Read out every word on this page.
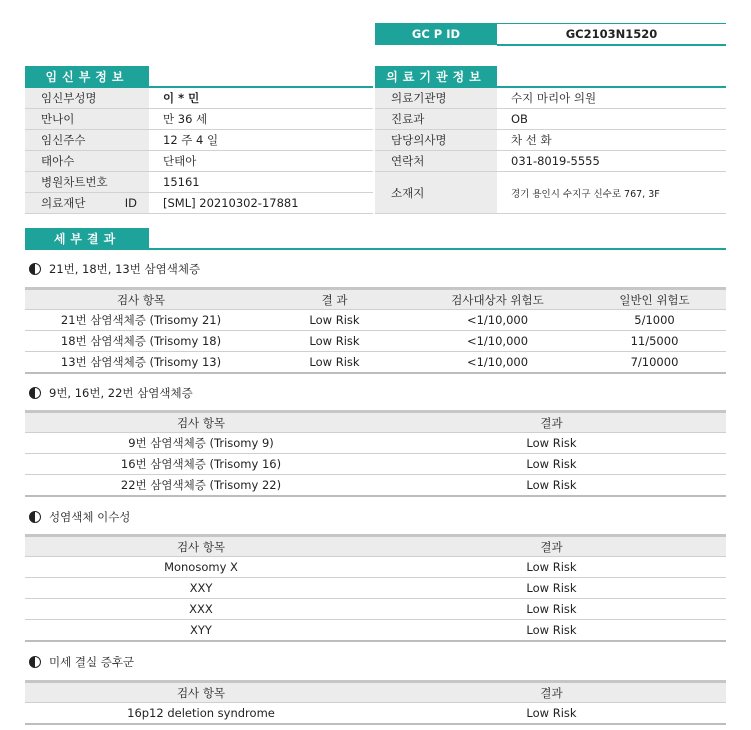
GC P ID	GC2103N1520
임신부정보
임신부성명	이 * 민
만나이	만 36 세
임신주수	12 주 4 일
태아수	단태아
병원차트번호	15161
의료재단 ID	[SML] 20210302-17881
의료기관정보
의료기관명	수지 마리아 의원
진료과	OB
담당의사명	차 선 화
연락처	031-8019-5555
소재지	경기 용인시 수지구 신수로 767, 3F
세부결과
21번, 18번, 13번 삼염색체증
검사 항목	결 과	검사대상자 위험도	일반인 위험도
21번 삼염색체증 (Trisomy 21)	Low Risk	<1/10,000	5/1000
18번 삼염색체증 (Trisomy 18)	Low Risk	<1/10,000	11/5000
13번 삼염색체증 (Trisomy 13)	Low Risk	<1/10,000	7/10000
9번, 16번, 22번 삼염색체증
검사 항목	결과
9번 삼염색체증 (Trisomy 9)	Low Risk
16번 삼염색체증 (Trisomy 16)	Low Risk
22번 삼염색체증 (Trisomy 22)	Low Risk
성염색체 이수성
검사 항목	결과
Monosomy X	Low Risk
XXY	Low Risk
XXX	Low Risk
XYY	Low Risk
미세 결실 증후군
검사 항목	결과
16p12 deletion syndrome	Low Risk
